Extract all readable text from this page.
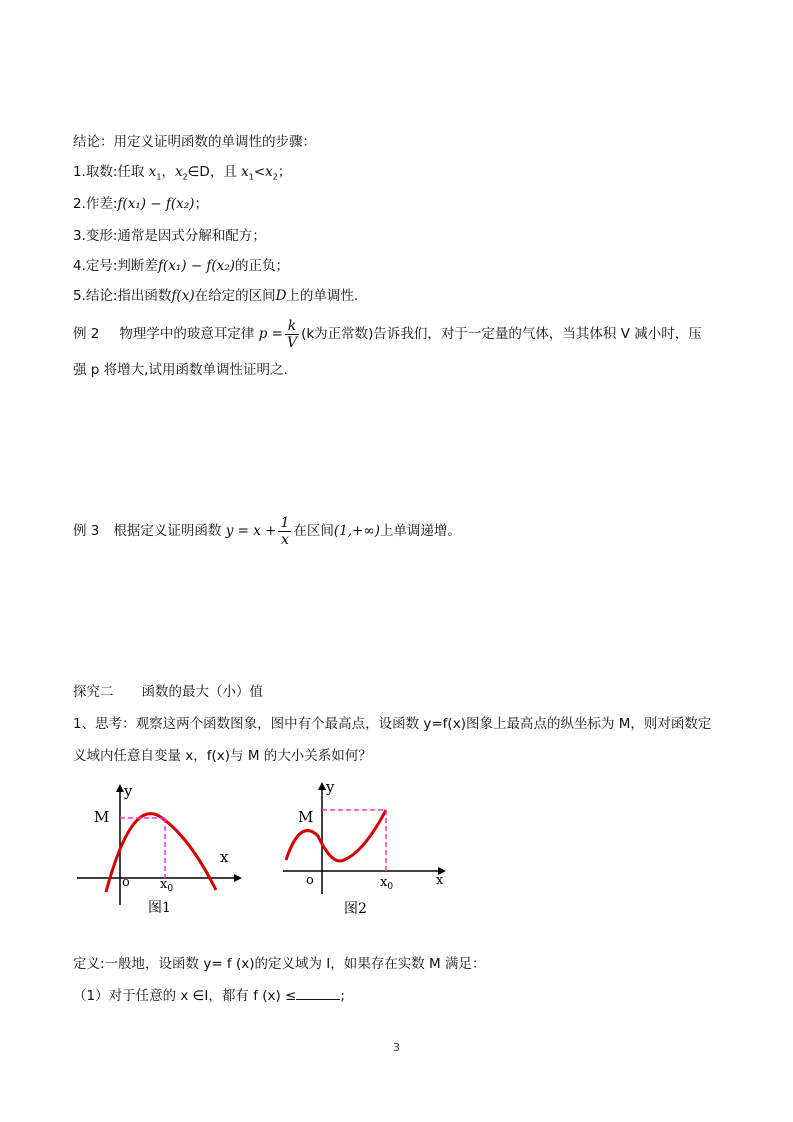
结论：用定义证明函数的单调性的步骤：
1.取数:任取 $x_1$，$x_2\in D$，且 $x_1<x_2$；
2.作差:f(x₁) − f(x₂)；
3.变形:通常是因式分解和配方；
4.定号:判断差f(x₁) − f(x₂)的正负；
5.结论:指出函数f(x)在给定的区间D上的单调性.
例 2 物理学中的玻意耳定律 $p = \frac{k}{V} (k$为正常数)告诉我们，对于一定量的气体，当其体积 V 减小时，压
强 p 将增大,试用函数单调性证明之.
例 3 根据定义证明函数 $y = x + \frac{1}{x}$ 在区间(1,+∞)上单调递增。
探究二 函数的最大（小）值
1、思考：观察这两个函数图象，图中有个最高点，设函数 y=f(x)图象上最高点的纵坐标为 M，则对函数定
义域内任意自变量 x，f(x)与 M 的大小关系如何？
y
x
M
o $x_0$
图1
y
x
M
o	$x_0$
图2
定义:一般地，设函数 y= f (x)的定义域为 I，如果存在实数 M 满足：
（1）对于任意的 x ∈I，都有 f (x) ≤	;
3
